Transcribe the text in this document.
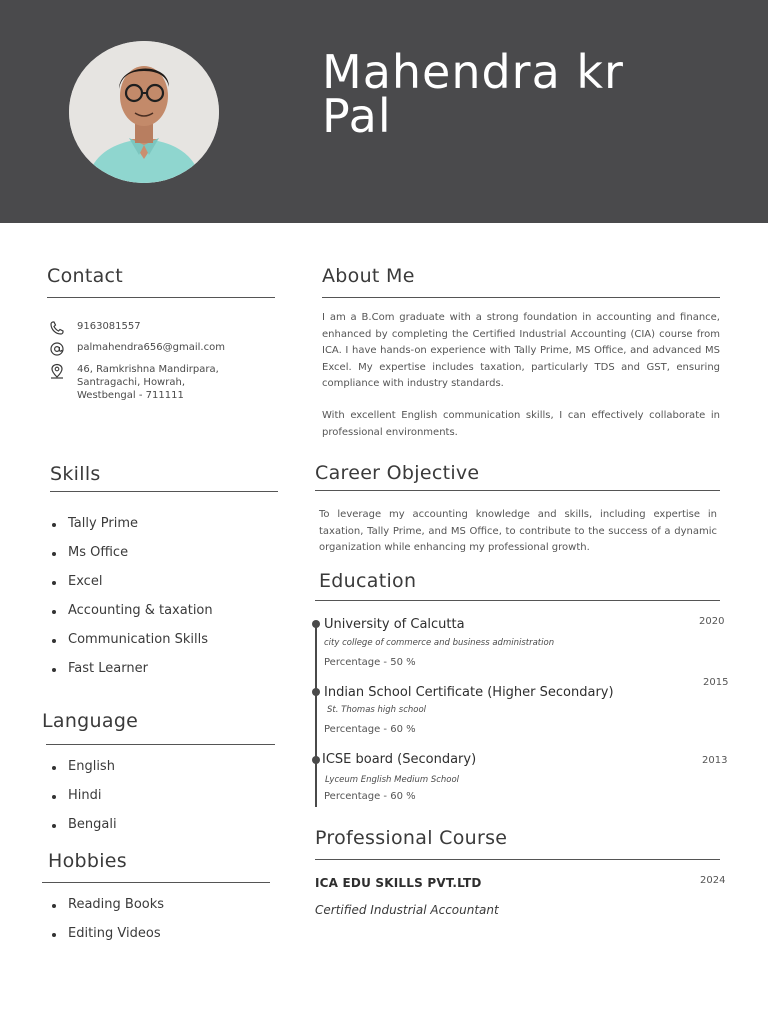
Mahendra kr
Pal
Contact
9163081557
palmahendra656@gmail.com
46, Ramkrishna Mandirpara,
Santragachi, Howrah,
Westbengal - 711111
About Me

I am a B.Com graduate with a strong foundation in accounting and finance, enhanced by completing the Certified Industrial Accounting (CIA) course from ICA. I have hands-on experience with Tally Prime, MS Office, and advanced MS Excel. My expertise includes taxation, particularly TDS and GST, ensuring compliance with industry standards.

With excellent English communication skills, I can effectively collaborate in professional environments.

Skills
Tally Prime
Ms Office
Excel
Accounting & taxation
Communication Skills
Fast Learner
Career Objective

To leverage my accounting knowledge and skills, including expertise in taxation, Tally Prime, and MS Office, to contribute to the success of a dynamic organization while enhancing my professional growth.

Education
University of Calcutta
city college of commerce and business administration
Percentage - 50 %
2020
Indian School Certificate (Higher Secondary)
St. Thomas high school
Percentage - 60 %
2015
ICSE board (Secondary)
Lyceum English Medium School
Percentage - 60 %
2013
Language
English
Hindi
Bengali
Hobbies
Reading Books
Editing Videos
Professional Course
ICA EDU SKILLS PVT.LTD
Certified Industrial Accountant
2024
